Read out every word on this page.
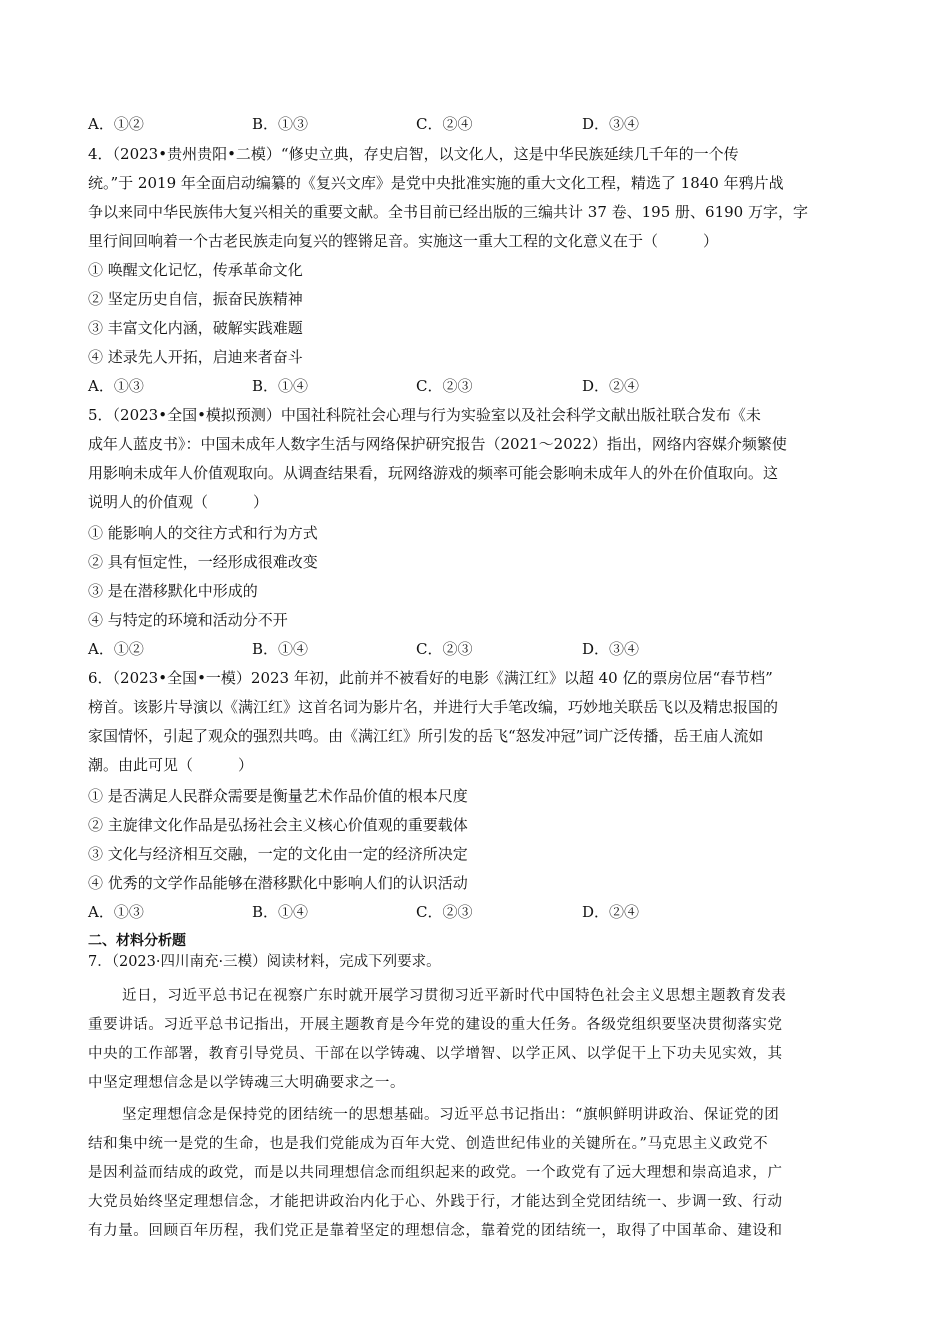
A．①②	B．①③	C．②④	D．③④
4．（2023•贵州贵阳•二模）“修史立典，存史启智，以文化人，这是中华民族延续几千年的一个传
统。”于 2019 年全面启动编纂的《复兴文库》是党中央批准实施的重大文化工程，精选了 1840 年鸦片战
争以来同中华民族伟大复兴相关的重要文献。全书目前已经出版的三编共计 37 卷、195 册、6190 万字，字
里行间回响着一个古老民族走向复兴的铿锵足音。实施这一重大工程的文化意义在于（　　　）
① 唤醒文化记忆，传承革命文化
② 坚定历史自信，振奋民族精神
③ 丰富文化内涵，破解实践难题
④ 述录先人开拓，启迪来者奋斗
A．①③	B．①④	C．②③	D．②④
5．（2023•全国•模拟预测）中国社科院社会心理与行为实验室以及社会科学文献出版社联合发布《未
成年人蓝皮书》：中国未成年人数字生活与网络保护研究报告（2021～2022）指出，网络内容媒介频繁使
用影响未成年人价值观取向。从调查结果看，玩网络游戏的频率可能会影响未成年人的外在价值取向。这
说明人的价值观（　　　）
① 能影响人的交往方式和行为方式
② 具有恒定性，一经形成很难改变
③ 是在潜移默化中形成的
④ 与特定的环境和活动分不开
A．①②	B．①④	C．②③	D．③④
6．（2023•全国•一模）2023 年初，此前并不被看好的电影《满江红》以超 40 亿的票房位居“春节档”
榜首。该影片导演以《满江红》这首名词为影片名，并进行大手笔改编，巧妙地关联岳飞以及精忠报国的
家国情怀，引起了观众的强烈共鸣。由《满江红》所引发的岳飞“怒发冲冠”词广泛传播，岳王庙人流如
潮。由此可见（　　　）
① 是否满足人民群众需要是衡量艺术作品价值的根本尺度
② 主旋律文化作品是弘扬社会主义核心价值观的重要载体
③ 文化与经济相互交融，一定的文化由一定的经济所决定
④ 优秀的文学作品能够在潜移默化中影响人们的认识活动
A．①③	B．①④	C．②③	D．②④
二、材料分析题
7．（2023·四川南充·三模）阅读材料，完成下列要求。
近日，习近平总书记在视察广东时就开展学习贯彻习近平新时代中国特色社会主义思想主题教育发表
重要讲话。习近平总书记指出，开展主题教育是今年党的建设的重大任务。各级党组织要坚决贯彻落实党
中央的工作部署，教育引导党员、干部在以学铸魂、以学增智、以学正风、以学促干上下功夫见实效，其
中坚定理想信念是以学铸魂三大明确要求之一。
坚定理想信念是保持党的团结统一的思想基础。习近平总书记指出：“旗帜鲜明讲政治、保证党的团
结和集中统一是党的生命，也是我们党能成为百年大党、创造世纪伟业的关键所在。”马克思主义政党不
是因利益而结成的政党，而是以共同理想信念而组织起来的政党。一个政党有了远大理想和崇高追求，广
大党员始终坚定理想信念，才能把讲政治内化于心、外践于行，才能达到全党团结统一、步调一致、行动
有力量。回顾百年历程，我们党正是靠着坚定的理想信念，靠着党的团结统一，取得了中国革命、建设和
